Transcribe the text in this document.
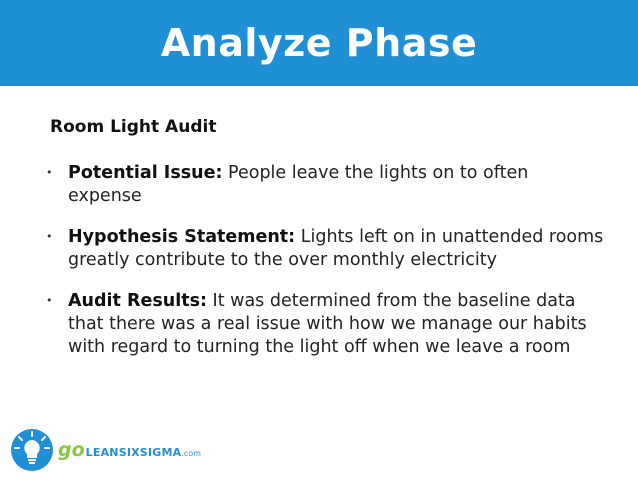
Analyze Phase
Room Light Audit
• Potential Issue: People leave the lights on to often expense
• Hypothesis Statement: Lights left on in unattended rooms greatly contribute to the over monthly electricity
• Audit Results: It was determined from the baseline data that there was a real issue with how we manage our habits with regard to turning the light off when we leave a room
go LEANSIXSIGMA .com
